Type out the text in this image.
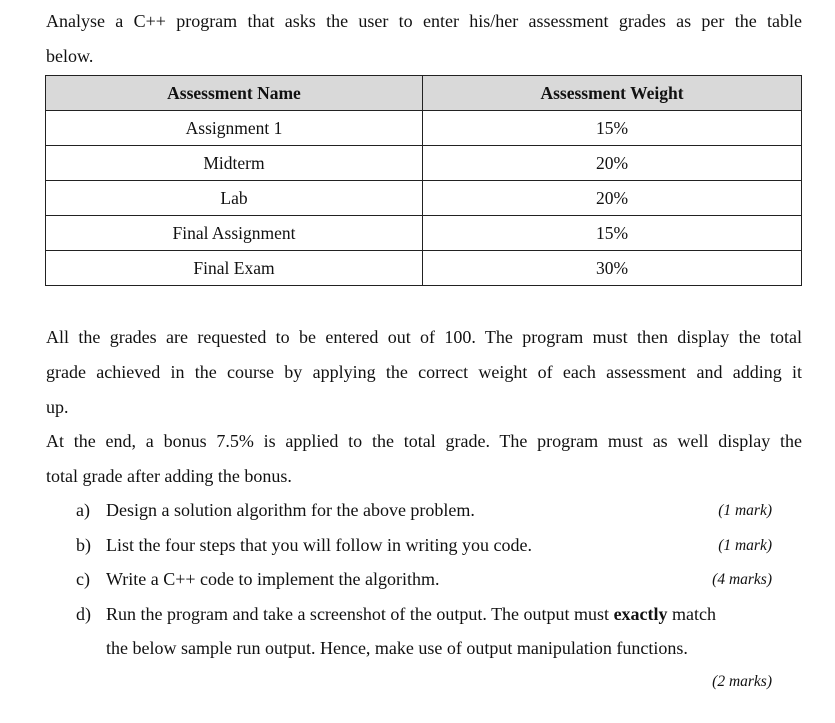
Analyse a C++ program that asks the user to enter his/her assessment grades as per the table

below.

Assessment Name	Assessment Weight
Assignment 1	15%
Midterm	20%
Lab	20%
Final Assignment	15%
Final Exam	30%

All the grades are requested to be entered out of 100. The program must then display the total
grade achieved in the course by applying the correct weight of each assessment and adding it

up.

At the end, a bonus 7.5% is applied to the total grade. The program must as well display the

total grade after adding the bonus.

a) Design a solution algorithm for the above problem.	(1 mark)
b) List the four steps that you will follow in writing you code.	(1 mark)
c) Write a C++ code to implement the algorithm.	(4 marks)
d) Run the program and take a screenshot of the output. The output must exactly match
the below sample run output. Hence, make use of output manipulation functions.
(2 marks)
